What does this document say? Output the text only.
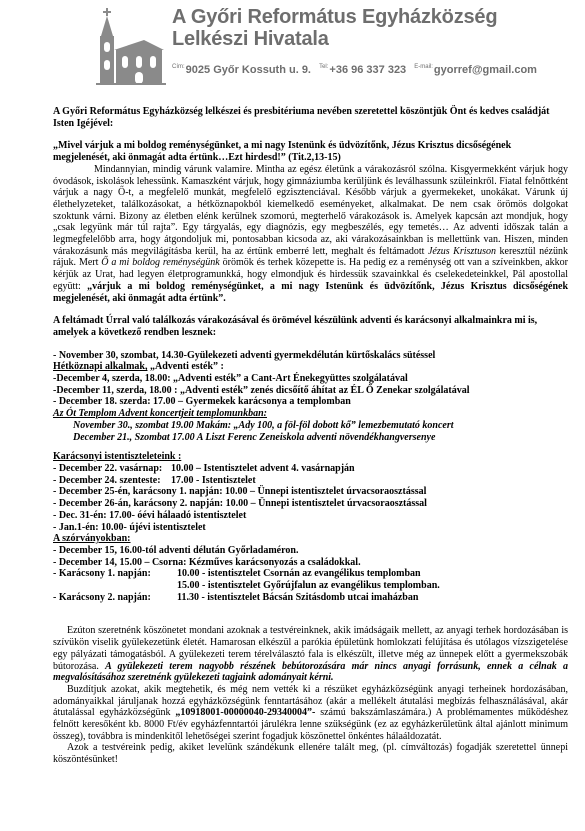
A Győri Református Egyházközség
Lelkészi Hivatala
$^{Cím:}$9025 Győr Kossuth u. 9. $^{Tel:}$+36 96 337 323 $^{E-mail:}$gyorref@gmail.com

A Győri Református Egyházközség lelkészei és presbitériuma nevében szeretettel köszöntjük Önt és kedves családját Isten Igéjével:

„Mivel várjuk a mi boldog reménységünket, a mi nagy Istenünk és üdvözítőnk, Jézus Krisztus dicsőségének megjelenését, aki önmagát adta értünk…Ezt hirdesd!” (Tit.2,13-15)

Mindannyian, mindig várunk valamire. Mintha az egész életünk a várakozásról szólna. Kisgyermekként várjuk hogy óvodások, iskolások lehessünk. Kamaszként várjuk, hogy gimnáziumba kerüljünk és leválhassunk szüleinkről. Fiatal felnőttként várjuk a nagy Ő-t, a megfelelő munkát, megfelelő egzisztenciával. Később várjuk a gyermekeket, unokákat. Várunk új élethelyzeteket, találkozásokat, a hétköznapokból kiemelkedő eseményeket, alkalmakat. De nem csak örömös dolgokat szoktunk várni. Bizony az életben elénk kerülnek szomorú, megterhelő várakozások is. Amelyek kapcsán azt mondjuk, hogy „csak legyünk már túl rajta”. Egy tárgyalás, egy diagnózis, egy megbeszélés, egy temetés… Az adventi időszak talán a legmegfelelőbb arra, hogy átgondoljuk mi, pontosabban kicsoda az, aki várakozásainkban is mellettünk van. Hiszen, minden várakozásunk más megvilágításba kerül, ha az értünk emberré lett, meghalt és feltámadott Jézus Krisztuson keresztül nézünk rájuk. Mert Ő a mi boldog reménységünk örömök és terhek közepette is. Ha pedig ez a reménység ott van a szíveinkben, akkor kérjük az Urat, had legyen életprogramunkká, hogy elmondjuk és hirdessük szavainkkal és cselekedeteinkkel, Pál apostollal együtt: „várjuk a mi boldog reménységünket, a mi nagy Istenünk és üdvözítőnk, Jézus Krisztus dicsőségének megjelenését, aki önmagát adta értünk”.

A feltámadt Úrral való találkozás várakozásával és örömével készülünk adventi és karácsonyi alkalmainkra mi is, amelyek a következő rendben lesznek:

- November 30, szombat, 14.30-Gyülekezeti adventi gyermekdélután kürtőskalács sütéssel

Hétköznapi alkalmak, „Adventi esték” :

-December 4, szerda, 18.00: „Adventi esték” a Cant-Art Énekegyüttes szolgálatával

-December 11, szerda, 18.00 : „Adventi esték” zenés dicsőítő áhítat az ÉL Ő Zenekar szolgálatával

- December 18. szerda: 17.00 – Gyermekek karácsonya a templomban

Az Ót Templom Advent koncertjeit templomunkban:

November 30., szombat 19.00 Makám: „Ady 100, a föl-föl dobott kő” lemezbemutató koncert

December 21., Szombat 17.00 A Liszt Ferenc Zeneiskola adventi növendékhangversenye

Karácsonyi istentiszteleteink :

- December 22. vasárnap: 10.00 – Istentisztelet advent 4. vasárnapján

- December 24. szenteste: 17.00 - Istentisztelet

- December 25-én, karácsony 1. napján: 10.00 – Ünnepi istentisztelet úrvacsoraosztással

- December 26-án, karácsony 2. napján: 10.00 – Ünnepi istentisztelet úrvacsoraosztással

- Dec. 31-én: 17.00- óévi hálaadó istentisztelet

- Jan.1-én: 10.00- újévi istentisztelet

A szórványokban:

- December 15, 16.00-tól adventi délután Győrladaméron.

- December 14, 15.00 – Csorna: Kézműves karácsonyozás a családokkal.

- Karácsony 1. napján:	10.00 - istentisztelet Csornán az evangélikus templomban

15.00 - istentisztelet Győrújfalun az evangélikus templomban.

- Karácsony 2. napján:	11.30 - istentisztelet Bácsán Szitásdomb utcai imaházban

Ezúton szeretnénk köszönetet mondani azoknak a testvéreinknek, akik imádságaik mellett, az anyagi terhek hordozásában is szívükön viselik gyülekezetünk életét. Hamarosan elkészül a parókia épületünk homlokzati felújítása és utólagos vízszigetelése egy pályázati támogatásból. A gyülekezeti terem térelválasztó fala is elkészült, illetve még az ünnepek előtt a gyermekszobák bútorozása. A gyülekezeti terem nagyobb részének bebútorozására már nincs anyagi forrásunk, ennek a célnak a megvalósításához szeretnénk gyülekezeti tagjaink adományait kérni.

Buzdítjuk azokat, akik megtehetik, és még nem vették ki a részüket egyházközségünk anyagi terheinek hordozásában, adományaikkal járuljanak hozzá egyházközségünk fenntartásához (akár a mellékelt átutalási megbízás felhasználásával, akár átutalással egyházközségünk „10918001-00000040-29340004”- számú bakszámlaszámára.) A problémamentes működéshez felnőtt keresőként kb. 8000 Ft/év egyházfenntartói járulékra lenne szükségünk (ez az egyházkerületünk által ajánlott minimum összeg), továbbra is mindenkitől lehetőségei szerint fogadjuk köszönettel önkéntes hálaáldozatát.

Azok a testvéreink pedig, akiket levelünk szándékunk ellenére talált meg, (pl. címváltozás) fogadják szeretettel ünnepi köszöntésünket!
